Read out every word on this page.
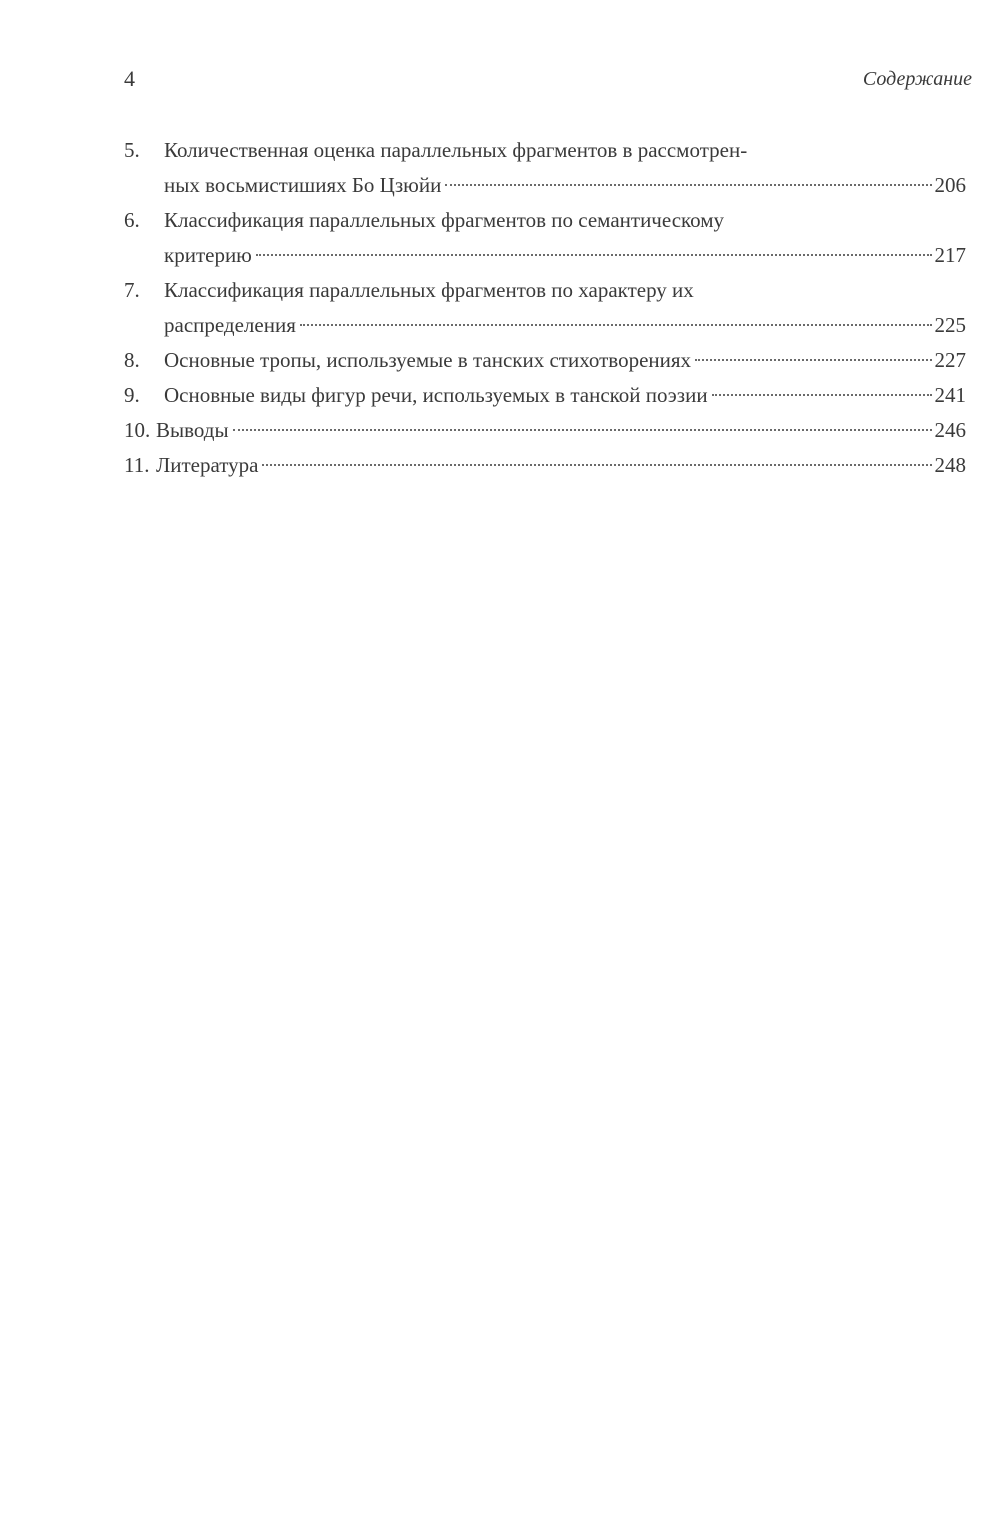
4	Содержание
5.	Количественная оценка параллельных фрагментов в рассмотрен-
ных восьмистишиях Бо Цзюйи	206
6.	Классификация параллельных фрагментов по семантическому
критерию	217
7.	Классификация параллельных фрагментов по характеру их
распределения	225
8.	Основные тропы, используемые в танских стихотворениях	227
9.	Основные виды фигур речи, используемых в танской поэзии	241
10. Выводы	246
11. Литература	248
